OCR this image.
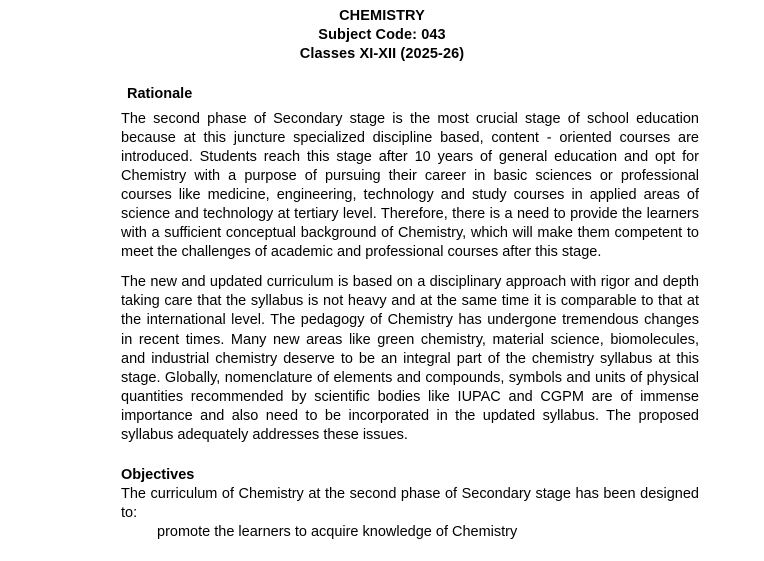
CHEMISTRY
Subject Code: 043
Classes XI-XII (2025-26)
Rationale

The second phase of Secondary stage is the most crucial stage of school education because at this juncture specialized discipline based, content - oriented courses are introduced. Students reach this stage after 10 years of general education and opt for Chemistry with a purpose of pursuing their career in basic sciences or professional courses like medicine, engineering, technology and study courses in applied areas of science and technology at tertiary level. Therefore, there is a need to provide the learners with a sufficient conceptual background of Chemistry, which will make them competent to meet the challenges of academic and professional courses after this stage.

The new and updated curriculum is based on a disciplinary approach with rigor and depth taking care that the syllabus is not heavy and at the same time it is comparable to that at the international level. The pedagogy of Chemistry has undergone tremendous changes in recent times. Many new areas like green chemistry, material science, biomolecules, and industrial chemistry deserve to be an integral part of the chemistry syllabus at this stage. Globally, nomenclature of elements and compounds, symbols and units of physical quantities recommended by scientific bodies like IUPAC and CGPM are of immense importance and also need to be incorporated in the updated syllabus. The proposed syllabus adequately addresses these issues.

Objectives

The curriculum of Chemistry at the second phase of Secondary stage has been designed to:

promote the learners to acquire knowledge of Chemistry
